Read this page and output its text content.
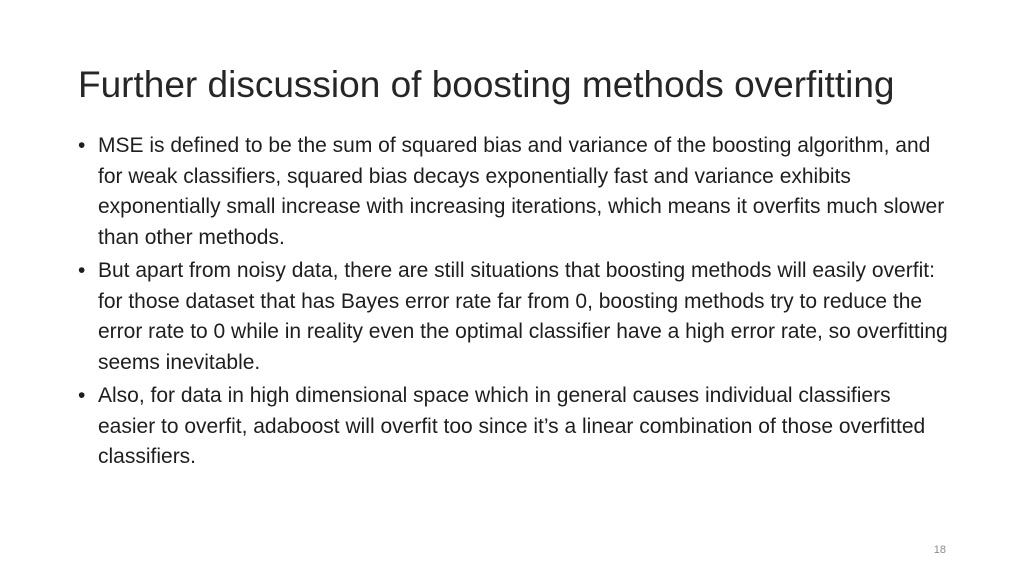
Further discussion of boosting methods overfitting
• MSE is defined to be the sum of squared bias and variance of the boosting algorithm, and for weak classifiers, squared bias decays exponentially fast and variance exhibits exponentially small increase with increasing iterations, which means it overfits much slower than other methods.
• But apart from noisy data, there are still situations that boosting methods will easily overfit: for those dataset that has Bayes error rate far from 0, boosting methods try to reduce the error rate to 0 while in reality even the optimal classifier have a high error rate, so overfitting seems inevitable.
• Also, for data in high dimensional space which in general causes individual classifiers easier to overfit, adaboost will overfit too since it’s a linear combination of those overfitted classifiers.
18
